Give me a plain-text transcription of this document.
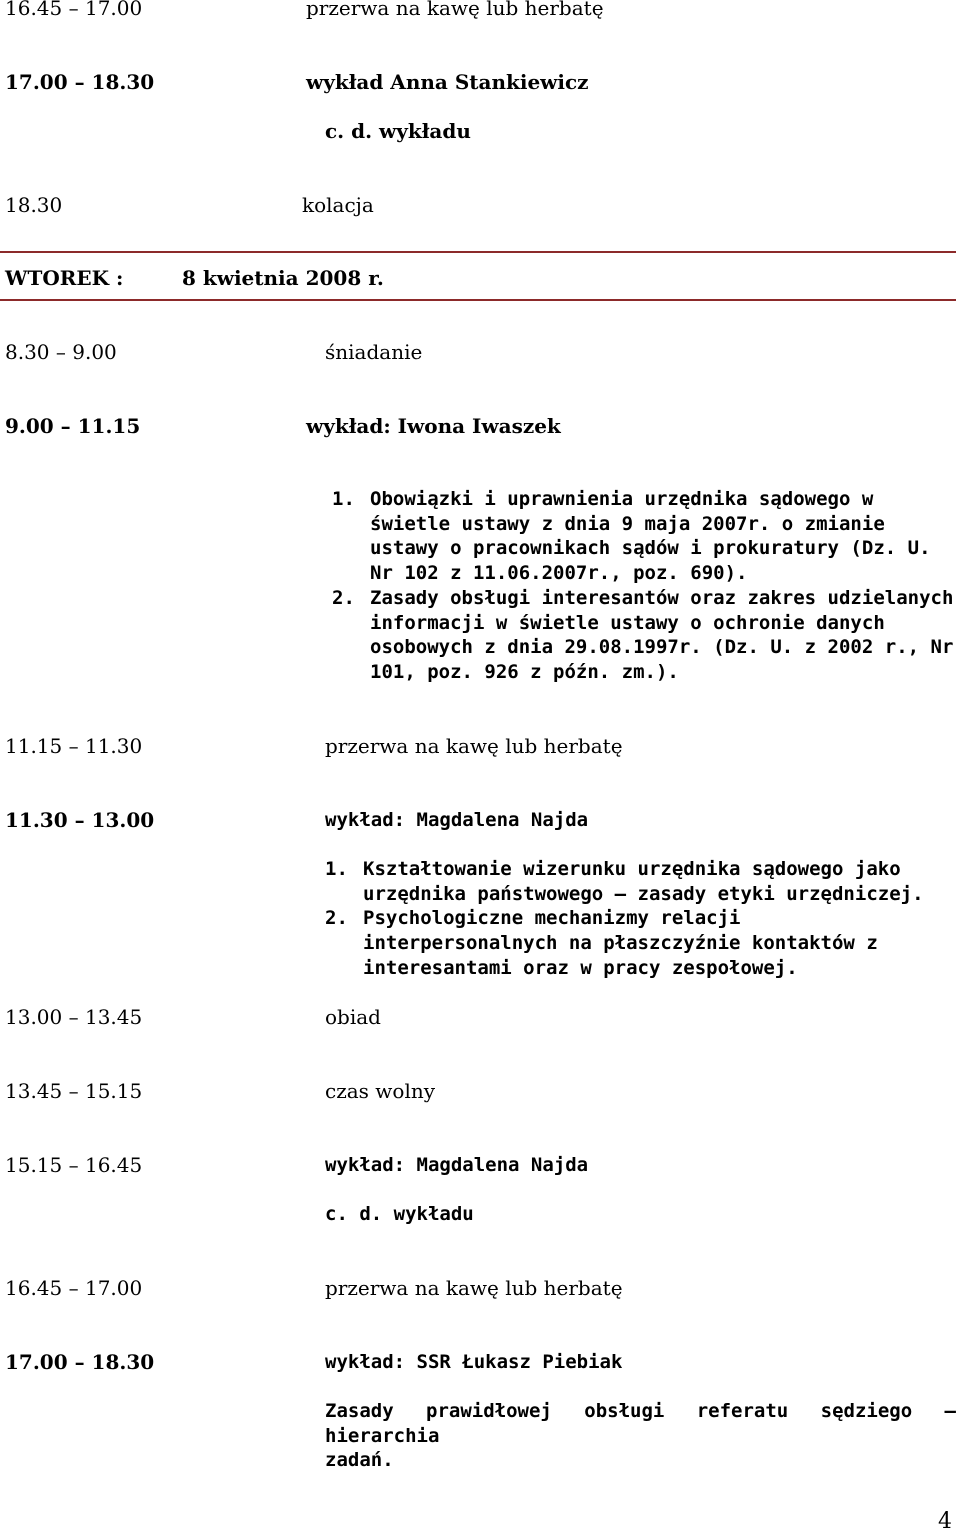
16.45 – 17.00	przerwa na kawę lub herbatę
17.00 – 18.30	wykład Anna Stankiewicz
c. d. wykładu
18.30	kolacja
WTOREK :	8 kwietnia 2008 r.
8.30 – 9.00	śniadanie
9.00 – 11.15	wykład: Iwona Iwaszek
1. Obowiązki i uprawnienia urzędnika sądowego w
świetle ustawy z dnia 9 maja 2007r. o zmianie
ustawy o pracownikach sądów i prokuratury (Dz. U.
Nr 102 z 11.06.2007r., poz. 690).
2. Zasady obsługi interesantów oraz zakres udzielanych
informacji w świetle ustawy o ochronie danych
osobowych z dnia 29.08.1997r. (Dz. U. z 2002 r., Nr
101, poz. 926 z późn. zm.).
11.15 – 11.30	przerwa na kawę lub herbatę
11.30 – 13.00	wykład: Magdalena Najda
1. Kształtowanie wizerunku urzędnika sądowego jako
urzędnika państwowego – zasady etyki urzędniczej.
2. Psychologiczne mechanizmy relacji
interpersonalnych na płaszczyźnie kontaktów z
interesantami oraz w pracy zespołowej.
13.00 – 13.45	obiad
13.45 – 15.15	czas wolny
15.15 – 16.45	wykład: Magdalena Najda
c. d. wykładu
16.45 – 17.00	przerwa na kawę lub herbatę
17.00 – 18.30	wykład: SSR Łukasz Piebiak
Zasady prawidłowej obsługi referatu sędziego – hierarchia
zadań.
4
